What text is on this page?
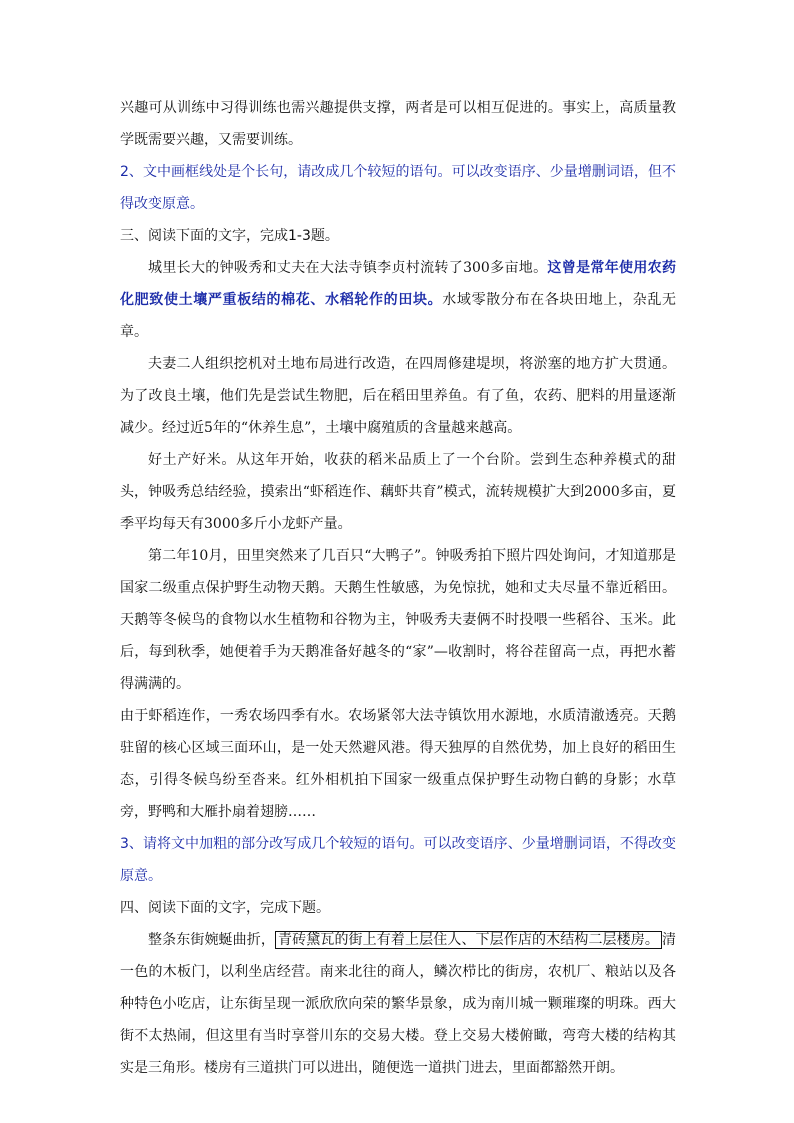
兴趣可从训练中习得训练也需兴趣提供支撑，两者是可以相互促进的。事实上，高质量教学既需要兴趣，又需要训练。

2、文中画框线处是个长句，请改成几个较短的语句。可以改变语序、少量增删词语，但不得改变原意。

三、阅读下面的文字，完成1-3题。

城里长大的钟吸秀和丈夫在大法寺镇李贞村流转了300多亩地。这曾是常年使用农药化肥致使土壤严重板结的棉花、水稻轮作的田块。水域零散分布在各块田地上，杂乱无章。

夫妻二人组织挖机对土地布局进行改造，在四周修建堤坝，将淤塞的地方扩大贯通。为了改良土壤，他们先是尝试生物肥，后在稻田里养鱼。有了鱼，农药、肥料的用量逐渐减少。经过近5年的“休养生息”，土壤中腐殖质的含量越来越高。

好土产好米。从这年开始，收获的稻米品质上了一个台阶。尝到生态种养模式的甜头，钟吸秀总结经验，摸索出“虾稻连作、藕虾共育”模式，流转规模扩大到2000多亩，夏季平均每天有3000多斤小龙虾产量。

第二年10月，田里突然来了几百只“大鸭子”。钟吸秀拍下照片四处询问，才知道那是国家二级重点保护野生动物天鹅。天鹅生性敏感，为免惊扰，她和丈夫尽量不靠近稻田。天鹅等冬候鸟的食物以水生植物和谷物为主，钟吸秀夫妻俩不时投喂一些稻谷、玉米。此后，每到秋季，她便着手为天鹅准备好越冬的“家”—收割时，将谷茬留高一点，再把水蓄得满满的。

由于虾稻连作，一秀农场四季有水。农场紧邻大法寺镇饮用水源地，水质清澈透亮。天鹅驻留的核心区域三面环山，是一处天然避风港。得天独厚的自然优势，加上良好的稻田生态，引得冬候鸟纷至沓来。红外相机拍下国家一级重点保护野生动物白鹤的身影；水草旁，野鸭和大雁扑扇着翅膀……

3、请将文中加粗的部分改写成几个较短的语句。可以改变语序、少量增删词语，不得改变原意。

四、阅读下面的文字，完成下题。

整条东街婉蜒曲折， 青砖黛瓦的街上有着上层住人、下层作店的木结构二层楼房。 清一色的木板门，以利坐店经营。南来北往的商人，鳞次栉比的街房，农机厂、粮站以及各种特色小吃店，让东街呈现一派欣欣向荣的繁华景象，成为南川城一颗璀璨的明珠。西大街不太热闹，但这里有当时享誉川东的交易大楼。登上交易大楼俯瞰，弯弯大楼的结构其实是三角形。楼房有三道拱门可以进出，随便选一道拱门进去，里面都豁然开朗。
